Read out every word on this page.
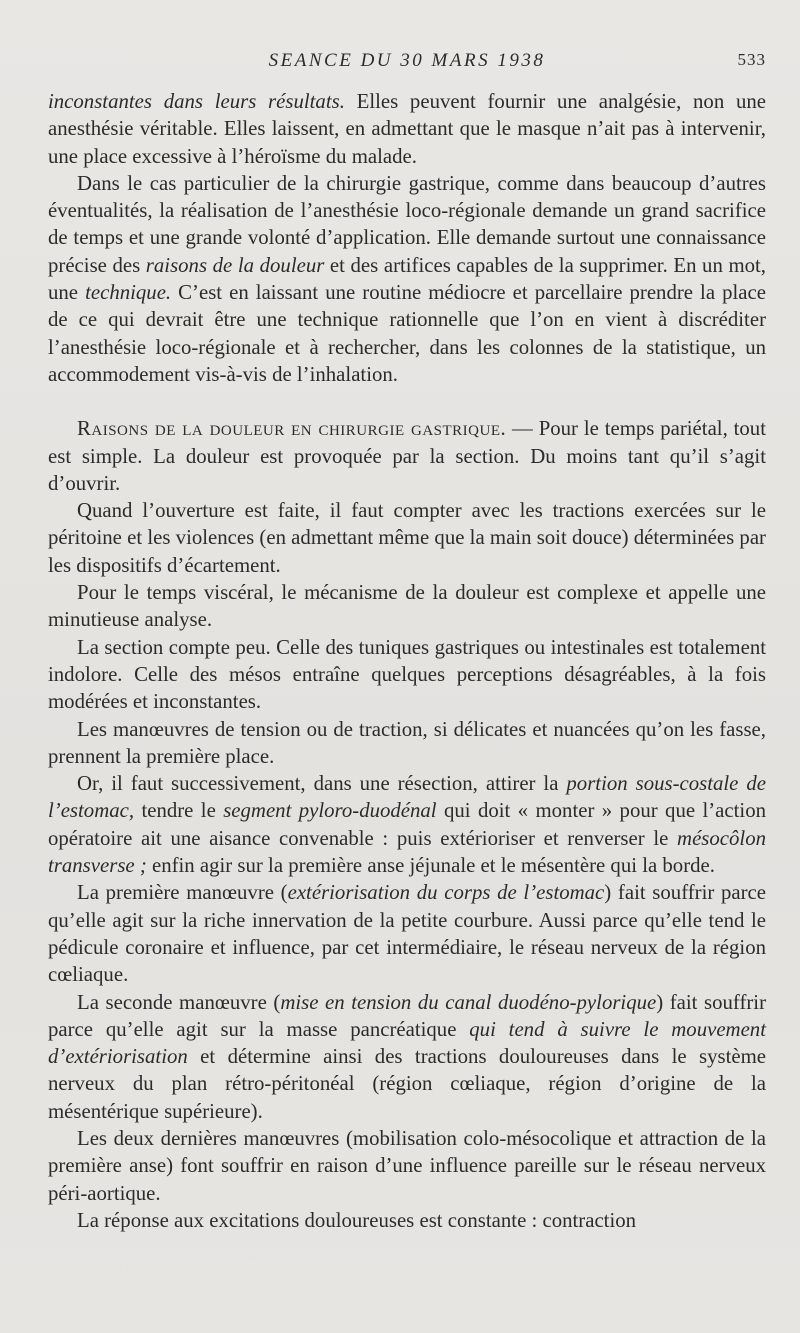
SEANCE DU 30 MARS 1938	533

inconstantes dans leurs résultats. Elles peuvent fournir une analgésie, non une anesthésie véritable. Elles laissent, en admettant que le masque n’ait pas à intervenir, une place excessive à l’héroïsme du malade.

Dans le cas particulier de la chirurgie gastrique, comme dans beaucoup d’autres éventualités, la réalisation de l’anesthésie loco-régionale demande un grand sacrifice de temps et une grande volonté d’application. Elle demande surtout une connaissance précise des raisons de la douleur et des artifices capables de la supprimer. En un mot, une technique. C’est en laissant une routine médiocre et parcellaire prendre la place de ce qui devrait être une technique rationnelle que l’on en vient à discréditer l’anesthésie loco-régionale et à rechercher, dans les colonnes de la statistique, un accommodement vis-à-vis de l’inhalation.

Raisons de la douleur en chirurgie gastrique. — Pour le temps pariétal, tout est simple. La douleur est provoquée par la section. Du moins tant qu’il s’agit d’ouvrir.

Quand l’ouverture est faite, il faut compter avec les tractions exercées sur le péritoine et les violences (en admettant même que la main soit douce) déterminées par les dispositifs d’écartement.

Pour le temps viscéral, le mécanisme de la douleur est complexe et appelle une minutieuse analyse.

La section compte peu. Celle des tuniques gastriques ou intestinales est totalement indolore. Celle des mésos entraîne quelques perceptions désagréables, à la fois modérées et inconstantes.

Les manœuvres de tension ou de traction, si délicates et nuancées qu’on les fasse, prennent la première place.

Or, il faut successivement, dans une résection, attirer la portion sous-costale de l’estomac, tendre le segment pyloro-duodénal qui doit « monter » pour que l’action opératoire ait une aisance convenable : puis extérioriser et renverser le mésocôlon transverse ; enfin agir sur la première anse jéjunale et le mésentère qui la borde.

La première manœuvre (extériorisation du corps de l’estomac) fait souffrir parce qu’elle agit sur la riche innervation de la petite courbure. Aussi parce qu’elle tend le pédicule coronaire et influence, par cet intermédiaire, le réseau nerveux de la région cœliaque.

La seconde manœuvre (mise en tension du canal duodéno-pylorique) fait souffrir parce qu’elle agit sur la masse pancréatique qui tend à suivre le mouvement d’extériorisation et détermine ainsi des tractions douloureuses dans le système nerveux du plan rétro-péritonéal (région cœliaque, région d’origine de la mésentérique supérieure).

Les deux dernières manœuvres (mobilisation colo-mésocolique et attraction de la première anse) font souffrir en raison d’une influence pareille sur le réseau nerveux péri-aortique.

La réponse aux excitations douloureuses est constante : contraction
